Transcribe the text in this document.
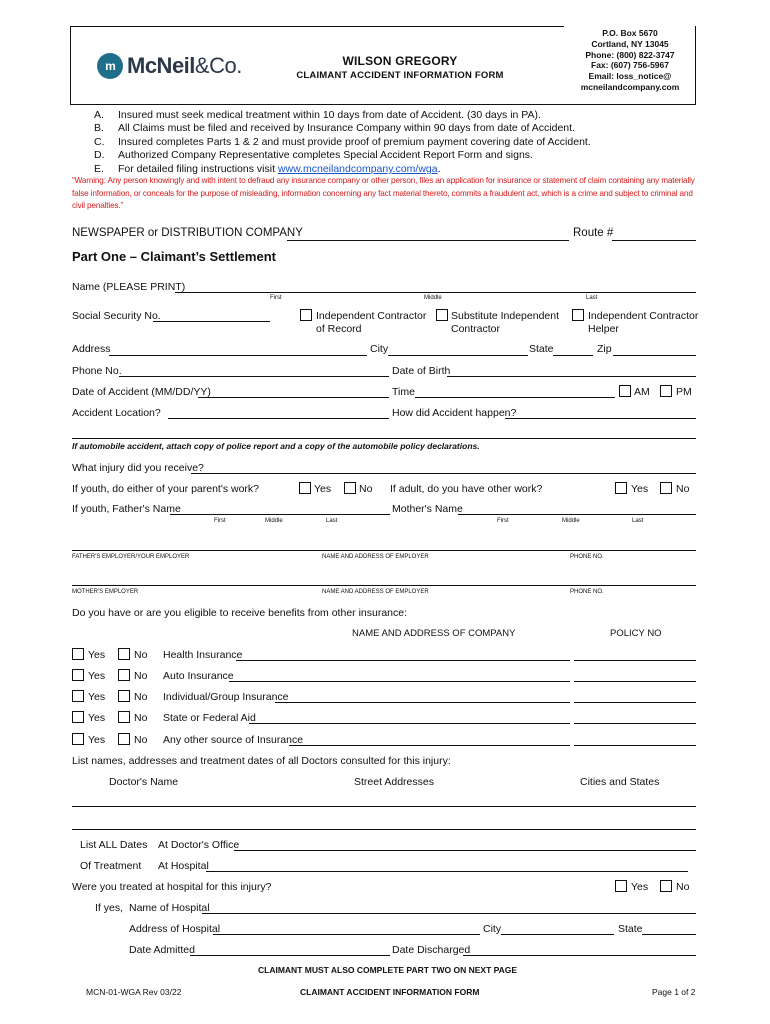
m McNeil&Co.	WILSON GREGORY
CLAIMANT ACCIDENT INFORMATION FORM
P.O. Box 5670
Cortland, NY 13045
Phone: (800) 822-3747
Fax: (607) 756-5967
Email: loss_notice@
mcneilandcompany.com
A. Insured must seek medical treatment within 10 days from date of Accident. (30 days in PA).
B. All Claims must be filed and received by Insurance Company within 90 days from date of Accident.
C. Insured completes Parts 1 & 2 and must provide proof of premium payment covering date of Accident.
D. Authorized Company Representative completes Special Accident Report Form and signs.
E. For detailed filing instructions visit www.mcneilandcompany.com/wga.
“Warning: Any person knowingly and with intent to defraud any insurance company or other person, files an application for insurance or statement of claim containing any materially false information, or conceals for the purpose of misleading, information concerning any fact material thereto, commits a fraudulent act, which is a crime and subject to criminal and civil penalties.”
NEWSPAPER or DISTRIBUTION COMPANY	Route #
Part One – Claimant’s Settlement
Name (PLEASE PRINT)
First	Middle	Last
Social Security No.	Independent Contractor
of Record
Substitute Independent
Contractor
Independent Contractor
Helper
Address	City	State	Zip
Phone No.	Date of Birth
Date of Accident (MM/DD/YY)	Time	AM	PM
Accident Location?	How did Accident happen?
If automobile accident, attach copy of police report and a copy of the automobile policy declarations.
What injury did you receive?
If youth, do either of your parent's work?	Yes	No If adult, do you have other work?	Yes	No
If youth, Father's Name	Mother's Name
First	Middle	Last	First	Middle	Last
FATHER'S EMPLOYER/YOUR EMPLOYER	NAME AND ADDRESS OF EMPLOYER	PHONE NO.
MOTHER'S EMPLOYER	NAME AND ADDRESS OF EMPLOYER	PHONE NO.
Do you have or are you eligible to receive benefits from other insurance:
NAME AND ADDRESS OF COMPANY	POLICY NO
Yes	No Health Insurance
Yes	No Auto Insurance
Yes	No Individual/Group Insurance
Yes	No State or Federal Aid
Yes	No Any other source of Insurance
List names, addresses and treatment dates of all Doctors consulted for this injury:
Doctor's Name	Street Addresses	Cities and States
List ALL Dates At Doctor's Office
Of Treatment At Hospital
Were you treated at hospital for this injury?	Yes	No
If yes, Name of Hospital
Address of Hospital	City	State
Date Admitted	Date Discharged
CLAIMANT MUST ALSO COMPLETE PART TWO ON NEXT PAGE
MCN-01-WGA Rev 03/22	CLAIMANT ACCIDENT INFORMATION FORM	Page 1 of 2
